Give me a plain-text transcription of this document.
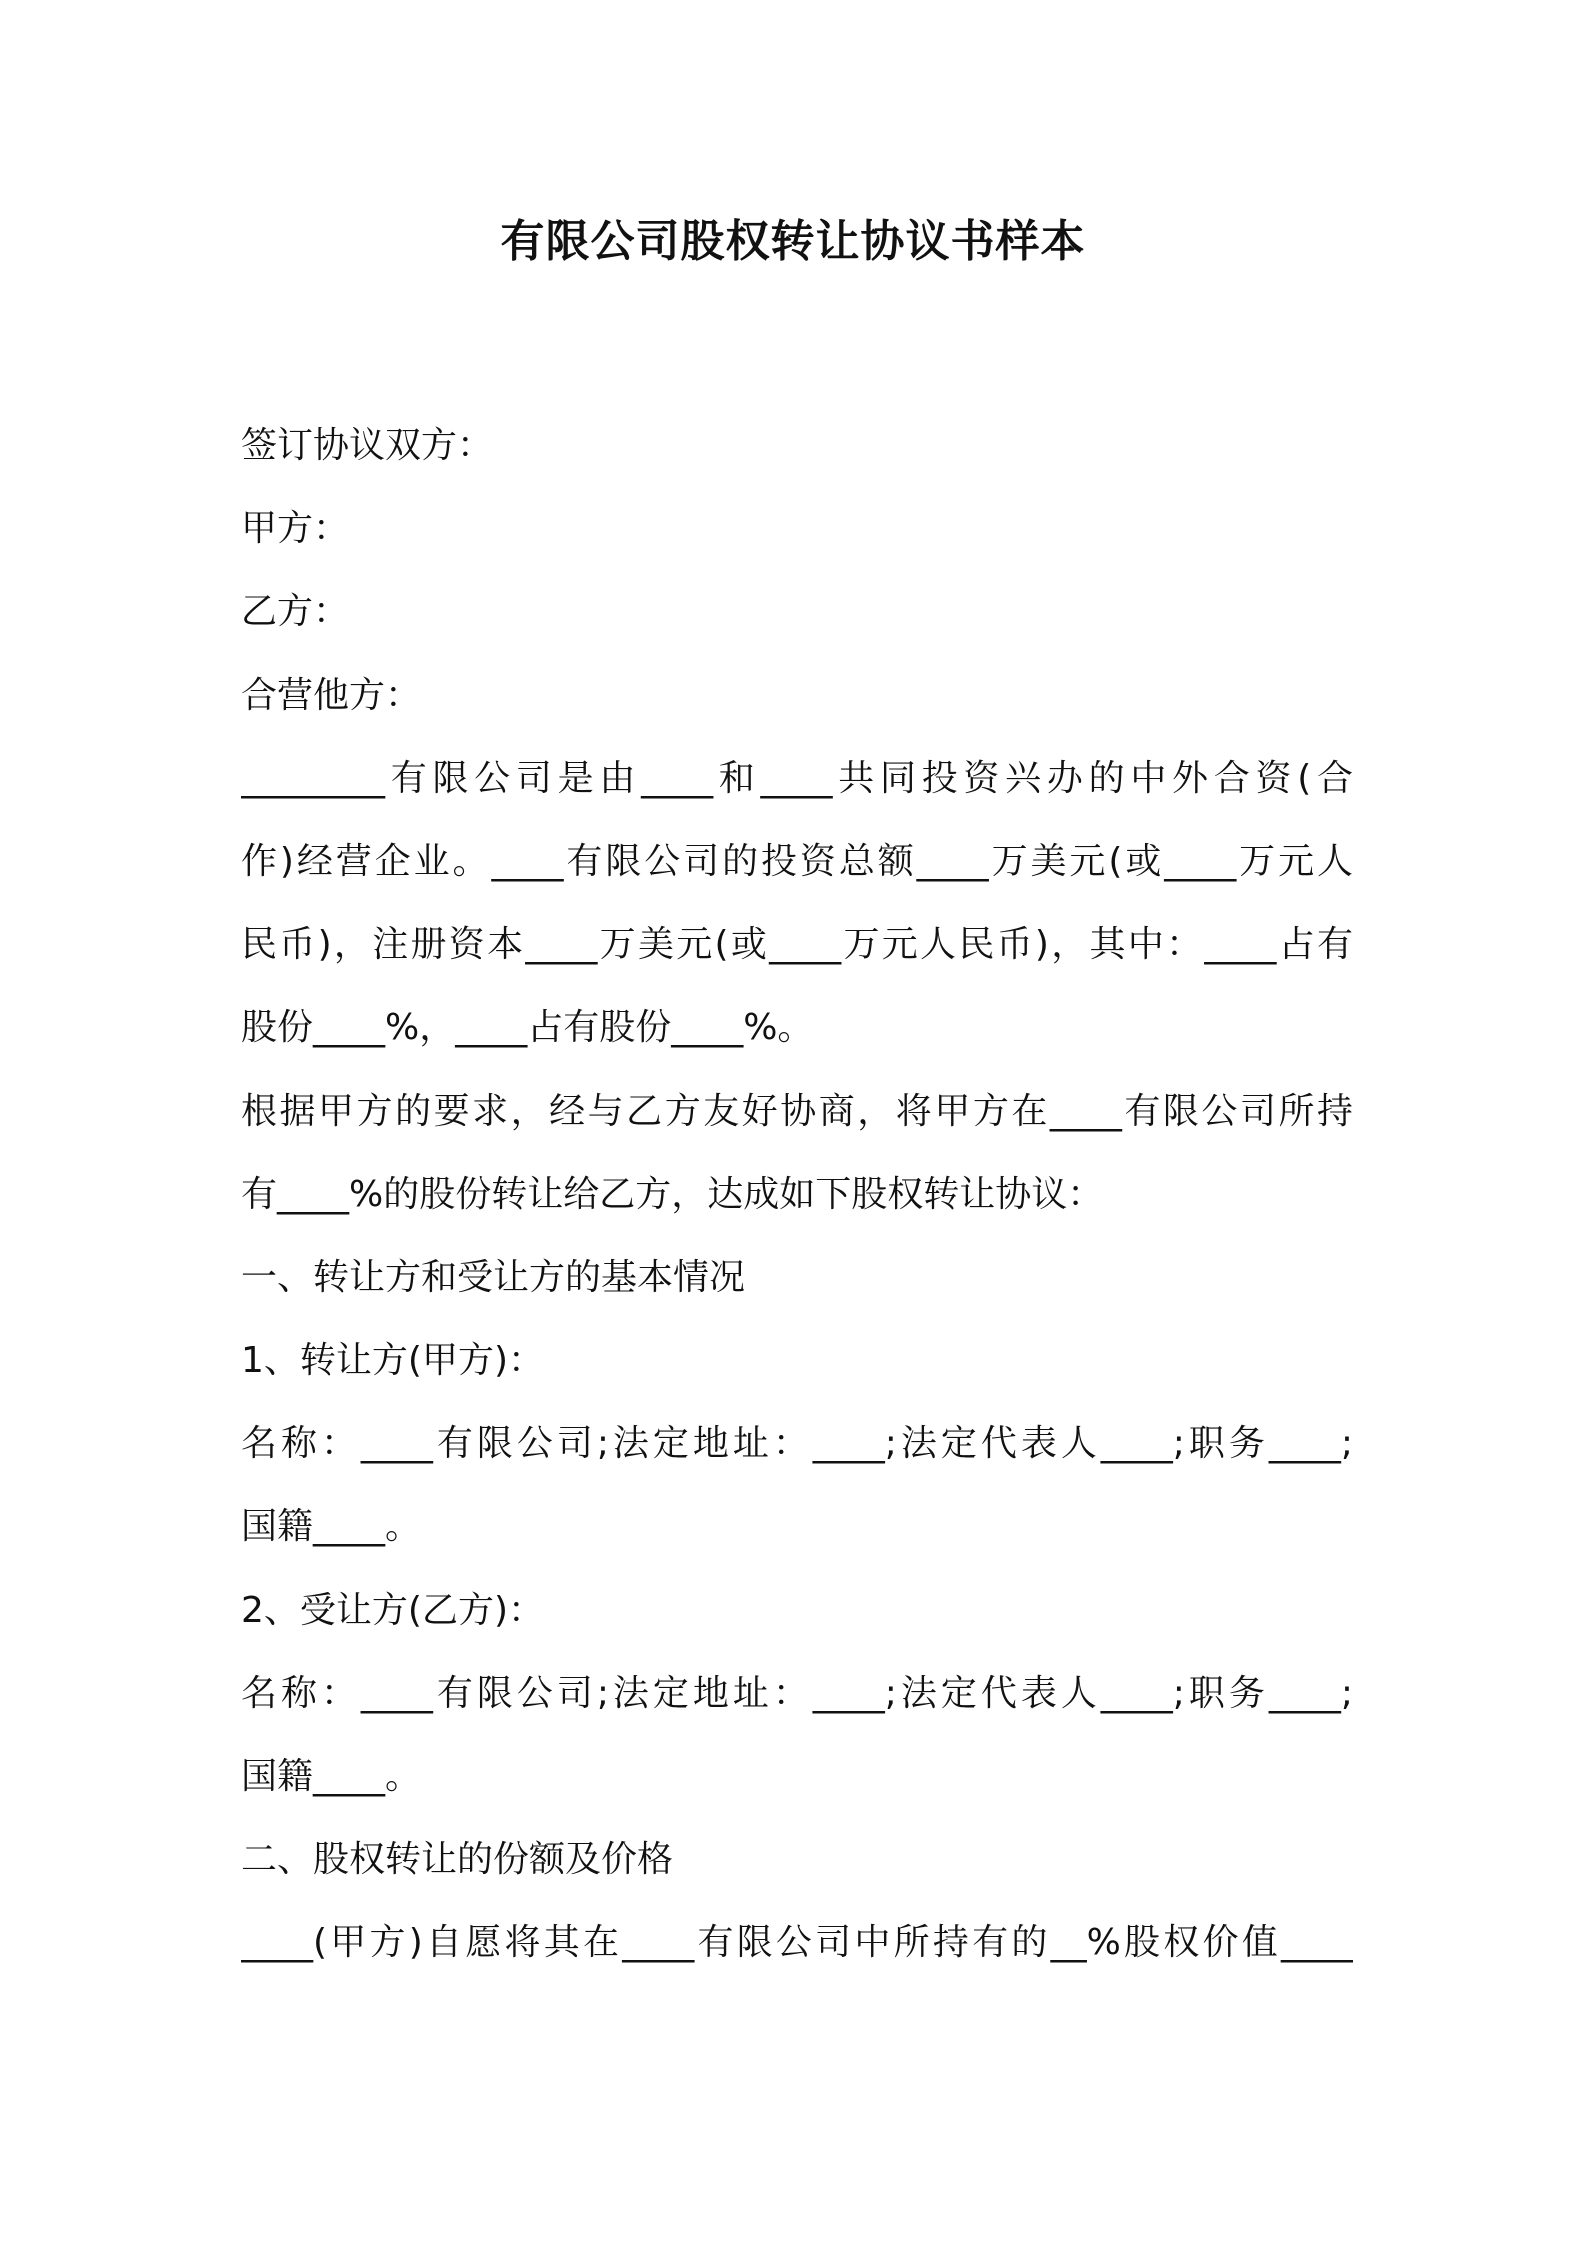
有限公司股权转让协议书样本

签订协议双方：

甲方：

乙方：

合营他方：

________有限公司是由____和____共同投资兴办的中外合资(合

作)经营企业。____有限公司的投资总额____万美元(或____万元人

民币)，注册资本____万美元(或____万元人民币)，其中：____占有

股份____%，____占有股份____%。

根据甲方的要求，经与乙方友好协商，将甲方在____有限公司所持

有____%的股份转让给乙方，达成如下股权转让协议：

一、转让方和受让方的基本情况

1、转让方(甲方)：

名称：____有限公司;法定地址：____;法定代表人____;职务____;

国籍____。

2、受让方(乙方)：

名称：____有限公司;法定地址：____;法定代表人____;职务____;

国籍____。

二、股权转让的份额及价格

____(甲方)自愿将其在____有限公司中所持有的__%股权价值____
